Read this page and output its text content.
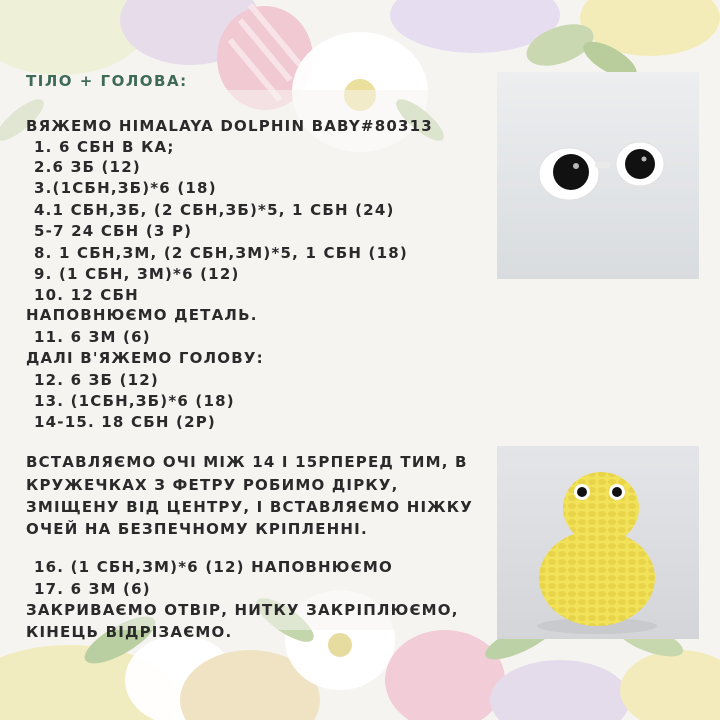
ТІЛО + ГОЛОВА:
ВЯЖЕМО HIMALAYA DOLPHIN BABY#80313
1. 6 СБН В КА;
2.6 ЗБ (12)
3.(1СБН,ЗБ)*6 (18)
4.1 СБН,ЗБ, (2 СБН,ЗБ)*5, 1 СБН (24)
5-7 24 СБН (3 Р)
8. 1 СБН,ЗМ, (2 СБН,ЗМ)*5, 1 СБН (18)
9. (1 СБН, ЗМ)*6 (12)
10. 12 СБН
НАПОВНЮЄМО ДЕТАЛЬ.
11. 6 ЗМ (6)
ДАЛІ В'ЯЖЕМО ГОЛОВУ:
12. 6 ЗБ (12)
13. (1СБН,ЗБ)*6 (18)
14-15. 18 СБН (2Р)
ВСТАВЛЯЄМО ОЧІ МІЖ 14 І 15РПЕРЕД ТИМ, В
КРУЖЕЧКАХ З ФЕТРУ РОБИМО ДІРКУ,
ЗМІЩЕНУ ВІД ЦЕНТРУ, І ВСТАВЛЯЄМО НІЖКУ
ОЧЕЙ НА БЕЗПЕЧНОМУ КРІПЛЕННІ.
16. (1 СБН,ЗМ)*6 (12) НАПОВНЮЄМО
17. 6 ЗМ (6)
ЗАКРИВАЄМО ОТВІР, НИТКУ ЗАКРІПЛЮЄМО,
КІНЕЦЬ ВІДРІЗАЄМО.
